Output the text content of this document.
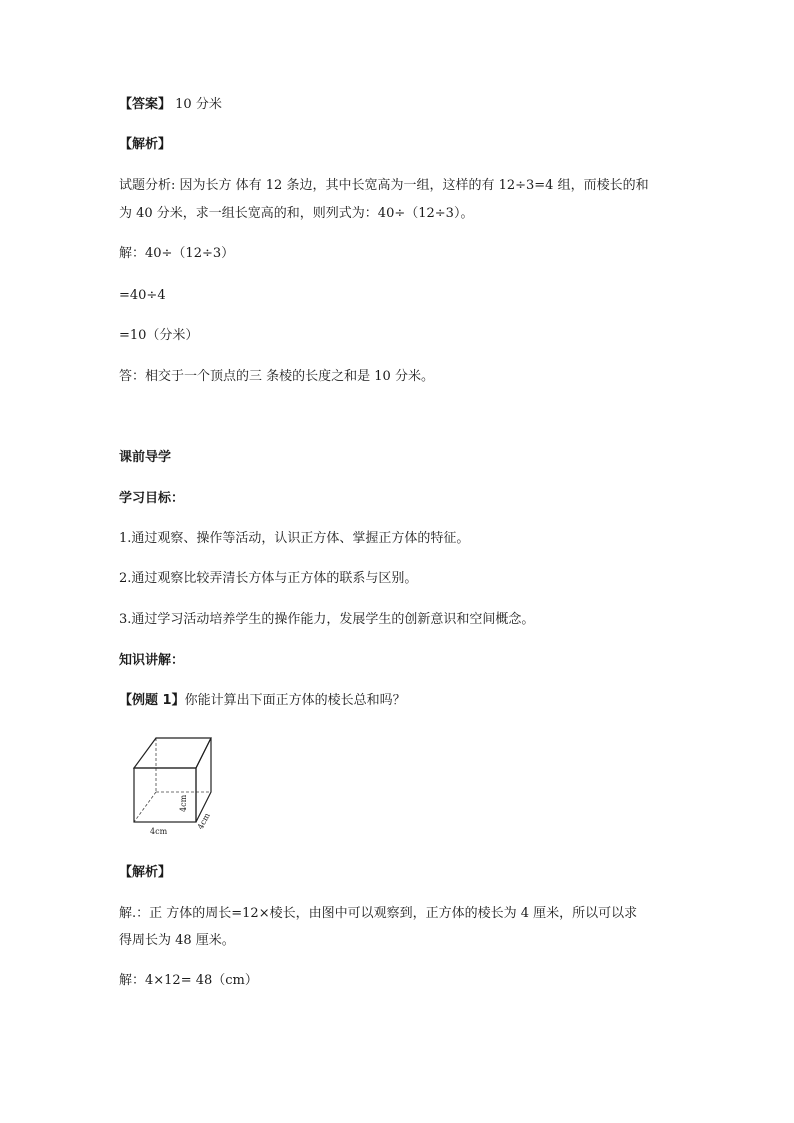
【答案】 10 分米
【解析】
试题分析: 因为长方 体有 12 条边，其中长宽高为一组，这样的有 12÷3=4 组，而棱长的和
为 40 分米，求一组长宽高的和，则列式为：40÷（12÷3）。
解：40÷（12÷3）
=40÷4
=10（分米）
答：相交于一个顶点的三 条棱的长度之和是 10 分米。
课前导学
学习目标：
1.通过观察、操作等活动，认识正方体、掌握正方体的特征。
2.通过观察比较弄清长方体与正方体的联系与区别。
3.通过学习活动培养学生的操作能力，发展学生的创新意识和空间概念。
知识讲解：
【例题 1】你能计算出下面正方体的棱长总和吗？
4cm
4cm
4cm
【解析】
解.：正 方体的周长=12×棱长，由图中可以观察到，正方体的棱长为 4 厘米，所以可以求
得周长为 48 厘米。
解：4×12= 48（cm）
